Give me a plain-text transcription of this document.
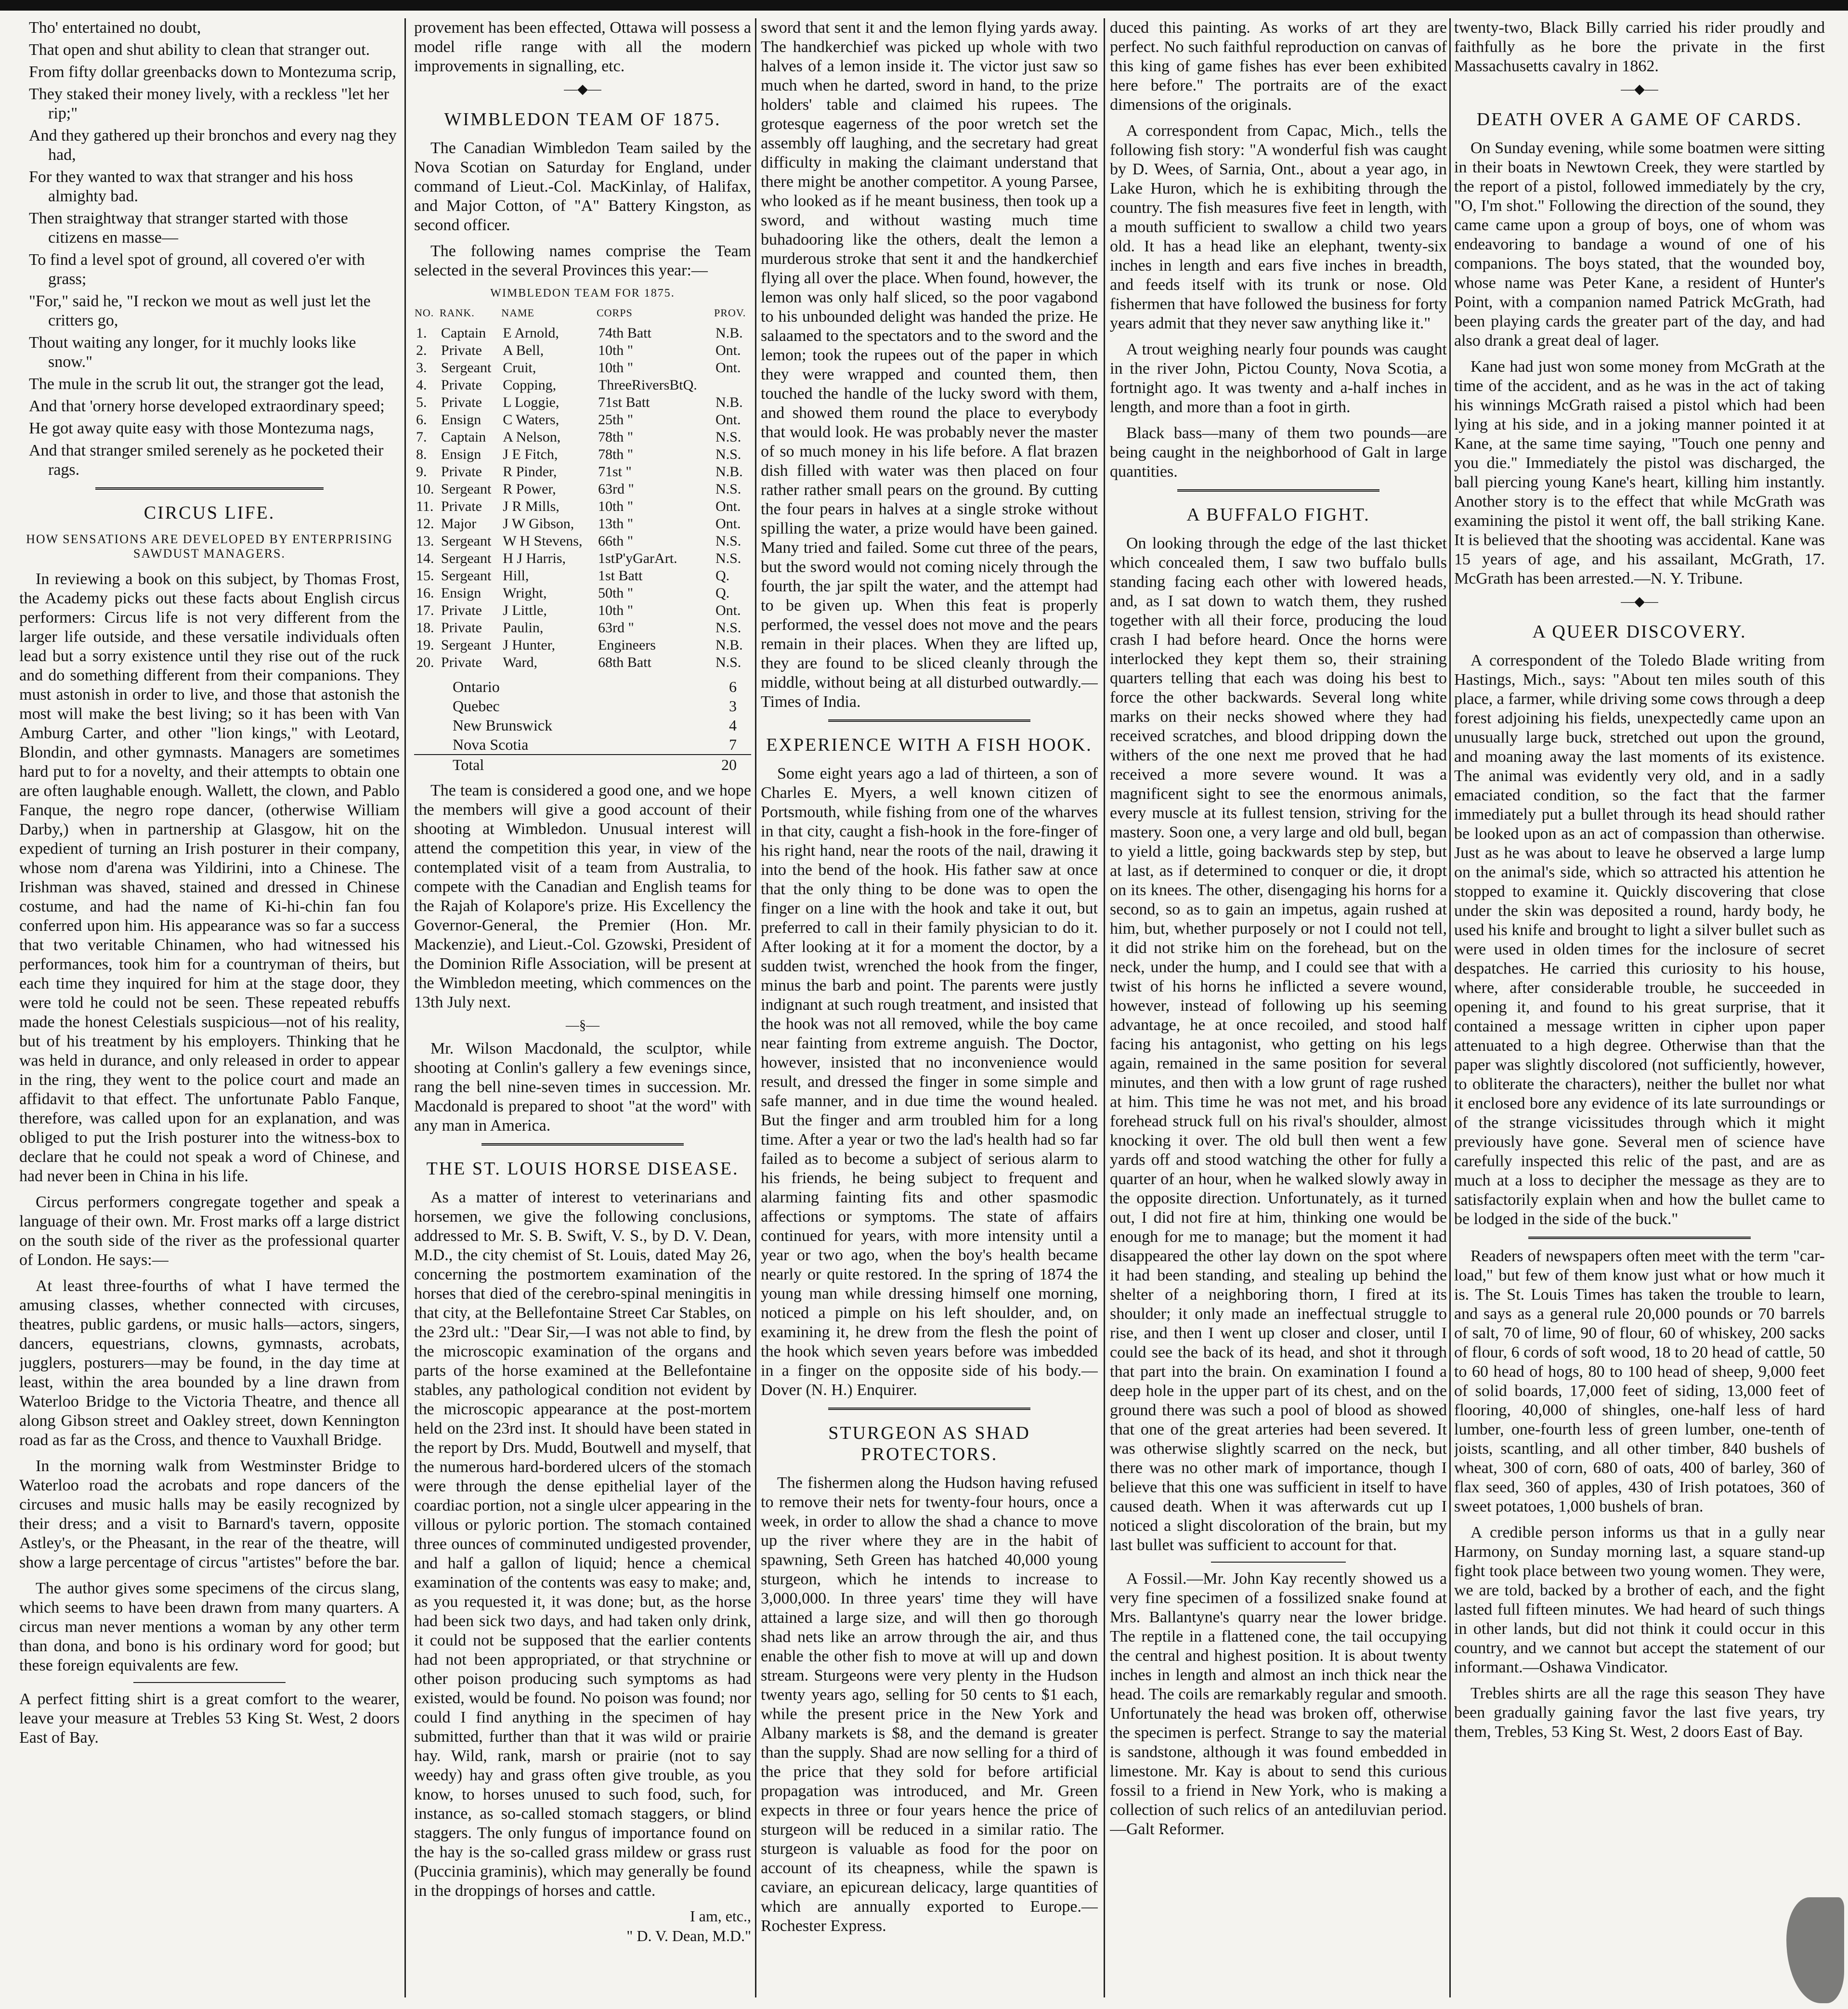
Tho' entertained no doubt,

That open and shut ability to clean that stranger out.

From fifty dollar greenbacks down to Montezuma scrip,

They staked their money lively, with a reckless "let her rip;"

And they gathered up their bronchos and every nag they had,

For they wanted to wax that stranger and his hoss almighty bad.

Then straightway that stranger started with those citizens en masse—

To find a level spot of ground, all covered o'er with grass;

"For," said he, "I reckon we mout as well just let the critters go,

Thout waiting any longer, for it muchly looks like snow."

The mule in the scrub lit out, the stranger got the lead,

And that 'ornery horse developed extraordinary speed;

He got away quite easy with those Montezuma nags,

And that stranger smiled serenely as he pocketed their rags.

CIRCUS LIFE.
HOW SENSATIONS ARE DEVELOPED BY ENTERPRISING SAWDUST MANAGERS.

In reviewing a book on this subject, by Thomas Frost, the Academy picks out these facts about English circus performers: Circus life is not very different from the larger life outside, and these versatile individuals often lead but a sorry existence until they rise out of the ruck and do something different from their companions. They must astonish in order to live, and those that astonish the most will make the best living; so it has been with Van Amburg Carter, and other "lion kings," with Leotard, Blondin, and other gymnasts. Managers are sometimes hard put to for a novelty, and their attempts to obtain one are often laughable enough. Wallett, the clown, and Pablo Fanque, the negro rope dancer, (otherwise William Darby,) when in partnership at Glasgow, hit on the expedient of turning an Irish posturer in their company, whose nom d'arena was Yildirini, into a Chinese. The Irishman was shaved, stained and dressed in Chinese costume, and had the name of Ki-hi-chin fan fou conferred upon him. His appearance was so far a success that two veritable Chinamen, who had witnessed his performances, took him for a countryman of theirs, but each time they inquired for him at the stage door, they were told he could not be seen. These repeated rebuffs made the honest Celestials suspicious—not of his reality, but of his treatment by his employers. Thinking that he was held in durance, and only released in order to appear in the ring, they went to the police court and made an affidavit to that effect. The unfortunate Pablo Fanque, therefore, was called upon for an explanation, and was obliged to put the Irish posturer into the witness-box to declare that he could not speak a word of Chinese, and had never been in China in his life.

Circus performers congregate together and speak a language of their own. Mr. Frost marks off a large district on the south side of the river as the professional quarter of London. He says:—

At least three-fourths of what I have termed the amusing classes, whether connected with circuses, theatres, public gardens, or music halls—actors, singers, dancers, equestrians, clowns, gymnasts, acrobats, jugglers, posturers—may be found, in the day time at least, within the area bounded by a line drawn from Waterloo Bridge to the Victoria Theatre, and thence all along Gibson street and Oakley street, down Kennington road as far as the Cross, and thence to Vauxhall Bridge.

In the morning walk from Westminster Bridge to Waterloo road the acrobats and rope dancers of the circuses and music halls may be easily recognized by their dress; and a visit to Barnard's tavern, opposite Astley's, or the Pheasant, in the rear of the theatre, will show a large percentage of circus "artistes" before the bar.

The author gives some specimens of the circus slang, which seems to have been drawn from many quarters. A circus man never mentions a woman by any other term than dona, and bono is his ordinary word for good; but these foreign equivalents are few.

A perfect fitting shirt is a great comfort to the wearer, leave your measure at Trebles 53 King St. West, 2 doors East of Bay.

provement has been effected, Ottawa will possess a model rifle range with all the modern improvements in signalling, etc.

—◆—
WIMBLEDON TEAM OF 1875.

The Canadian Wimbledon Team sailed by the Nova Scotian on Saturday for England, under command of Lieut.-Col. MacKinlay, of Halifax, and Major Cotton, of "A" Battery Kingston, as second officer.

The following names comprise the Team selected in the several Provinces this year:—

WIMBLEDON TEAM FOR 1875.
NO.	RANK.	NAME	CORPS	PROV.
1.	Captain	E Arnold,	74th Batt	N.B.
2.	Private	A Bell,	10th "	Ont.
3.	Sergeant	Cruit,	10th "	Ont.
4.	Private	Copping,	ThreeRiversBtQ.	
5.	Private	L Loggie,	71st Batt	N.B.
6.	Ensign	C Waters,	25th "	Ont.
7.	Captain	A Nelson,	78th "	N.S.
8.	Ensign	J E Fitch,	78th "	N.S.
9.	Private	R Pinder,	71st "	N.B.
10.	Sergeant	R Power,	63rd "	N.S.
11.	Private	J R Mills,	10th "	Ont.
12.	Major	J W Gibson,	13th "	Ont.
13.	Sergeant	W H Stevens,	66th "	N.S.
14.	Sergeant	H J Harris,	1stP'yGarArt.	N.S.
15.	Sergeant	Hill,	1st Batt	Q.
16.	Ensign	Wright,	50th "	Q.
17.	Private	J Little,	10th "	Ont.
18.	Private	Paulin,	63rd "	N.S.
19.	Sergeant	J Hunter,	Engineers	N.B.
20.	Private	Ward,	68th Batt	N.S.
Ontario	6
Quebec	3
New Brunswick	4
Nova Scotia	7
Total	20

The team is considered a good one, and we hope the members will give a good account of their shooting at Wimbledon. Unusual interest will attend the competition this year, in view of the contemplated visit of a team from Australia, to compete with the Canadian and English teams for the Rajah of Kolapore's prize. His Excellency the Governor-General, the Premier (Hon. Mr. Mackenzie), and Lieut.-Col. Gzowski, President of the Dominion Rifle Association, will be present at the Wimbledon meeting, which commences on the 13th July next.

—§—

Mr. Wilson Macdonald, the sculptor, while shooting at Conlin's gallery a few evenings since, rang the bell nine-seven times in succession. Mr. Macdonald is prepared to shoot "at the word" with any man in America.

THE ST. LOUIS HORSE DISEASE.

As a matter of interest to veterinarians and horsemen, we give the following conclusions, addressed to Mr. S. B. Swift, V. S., by D. V. Dean, M.D., the city chemist of St. Louis, dated May 26, concerning the postmortem examination of the horses that died of the cerebro-spinal meningitis in that city, at the Bellefontaine Street Car Stables, on the 23rd ult.: "Dear Sir,—I was not able to find, by the microscopic examination of the organs and parts of the horse examined at the Bellefontaine stables, any pathological condition not evident by the microscopic appearance at the post-mortem held on the 23rd inst. It should have been stated in the report by Drs. Mudd, Boutwell and myself, that the numerous hard-bordered ulcers of the stomach were through the dense epithelial layer of the coardiac portion, not a single ulcer appearing in the villous or pyloric portion. The stomach contained three ounces of comminuted undigested provender, and half a gallon of liquid; hence a chemical examination of the contents was easy to make; and, as you requested it, it was done; but, as the horse had been sick two days, and had taken only drink, it could not be supposed that the earlier contents had not been appropriated, or that strychnine or other poison producing such symptoms as had existed, would be found. No poison was found; nor could I find anything in the specimen of hay submitted, further than that it was wild or prairie hay. Wild, rank, marsh or prairie (not to say weedy) hay and grass often give trouble, as you know, to horses unused to such food, such, for instance, as so-called stomach staggers, or blind staggers. The only fungus of importance found on the hay is the so-called grass mildew or grass rust (Puccinia graminis), which may generally be found in the droppings of horses and cattle.

I am, etc.,
" D. V. Dean, M.D."

sword that sent it and the lemon flying yards away. The handkerchief was picked up whole with two halves of a lemon inside it. The victor just saw so much when he darted, sword in hand, to the prize holders' table and claimed his rupees. The grotesque eagerness of the poor wretch set the assembly off laughing, and the secretary had great difficulty in making the claimant understand that there might be another competitor. A young Parsee, who looked as if he meant business, then took up a sword, and without wasting much time buhadooring like the others, dealt the lemon a murderous stroke that sent it and the handkerchief flying all over the place. When found, however, the lemon was only half sliced, so the poor vagabond to his unbounded delight was handed the prize. He salaamed to the spectators and to the sword and the lemon; took the rupees out of the paper in which they were wrapped and counted them, then touched the handle of the lucky sword with them, and showed them round the place to everybody that would look. He was probably never the master of so much money in his life before. A flat brazen dish filled with water was then placed on four rather rather small pears on the ground. By cutting the four pears in halves at a single stroke without spilling the water, a prize would have been gained. Many tried and failed. Some cut three of the pears, but the sword would not coming nicely through the fourth, the jar spilt the water, and the attempt had to be given up. When this feat is properly performed, the vessel does not move and the pears remain in their places. When they are lifted up, they are found to be sliced cleanly through the middle, without being at all disturbed outwardly.—Times of India.

EXPERIENCE WITH A FISH HOOK.

Some eight years ago a lad of thirteen, a son of Charles E. Myers, a well known citizen of Portsmouth, while fishing from one of the wharves in that city, caught a fish-hook in the fore-finger of his right hand, near the roots of the nail, drawing it into the bend of the hook. His father saw at once that the only thing to be done was to open the finger on a line with the hook and take it out, but preferred to call in their family physician to do it. After looking at it for a moment the doctor, by a sudden twist, wrenched the hook from the finger, minus the barb and point. The parents were justly indignant at such rough treatment, and insisted that the hook was not all removed, while the boy came near fainting from extreme anguish. The Doctor, however, insisted that no inconvenience would result, and dressed the finger in some simple and safe manner, and in due time the wound healed. But the finger and arm troubled him for a long time. After a year or two the lad's health had so far failed as to become a subject of serious alarm to his friends, he being subject to frequent and alarming fainting fits and other spasmodic affections or symptoms. The state of affairs continued for years, with more intensity until a year or two ago, when the boy's health became nearly or quite restored. In the spring of 1874 the young man while dressing himself one morning, noticed a pimple on his left shoulder, and, on examining it, he drew from the flesh the point of the hook which seven years before was imbedded in a finger on the opposite side of his body.—Dover (N. H.) Enquirer.

STURGEON AS SHAD PROTECTORS.

The fishermen along the Hudson having refused to remove their nets for twenty-four hours, once a week, in order to allow the shad a chance to move up the river where they are in the habit of spawning, Seth Green has hatched 40,000 young sturgeon, which he intends to increase to 3,000,000. In three years' time they will have attained a large size, and will then go thorough shad nets like an arrow through the air, and thus enable the other fish to move at will up and down stream. Sturgeons were very plenty in the Hudson twenty years ago, selling for 50 cents to $1 each, while the present price in the New York and Albany markets is $8, and the demand is greater than the supply. Shad are now selling for a third of the price that they sold for before artificial propagation was introduced, and Mr. Green expects in three or four years hence the price of sturgeon will be reduced in a similar ratio. The sturgeon is valuable as food for the poor on account of its cheapness, while the spawn is caviare, an epicurean delicacy, large quantities of which are annually exported to Europe.—Rochester Express.

duced this painting. As works of art they are perfect. No such faithful reproduction on canvas of this king of game fishes has ever been exhibited here before." The portraits are of the exact dimensions of the originals.

A correspondent from Capac, Mich., tells the following fish story: "A wonderful fish was caught by D. Wees, of Sarnia, Ont., about a year ago, in Lake Huron, which he is exhibiting through the country. The fish measures five feet in length, with a mouth sufficient to swallow a child two years old. It has a head like an elephant, twenty-six inches in length and ears five inches in breadth, and feeds itself with its trunk or nose. Old fishermen that have followed the business for forty years admit that they never saw anything like it."

A trout weighing nearly four pounds was caught in the river John, Pictou County, Nova Scotia, a fortnight ago. It was twenty and a-half inches in length, and more than a foot in girth.

Black bass—many of them two pounds—are being caught in the neighborhood of Galt in large quantities.

A BUFFALO FIGHT.

On looking through the edge of the last thicket which concealed them, I saw two buffalo bulls standing facing each other with lowered heads, and, as I sat down to watch them, they rushed together with all their force, producing the loud crash I had before heard. Once the horns were interlocked they kept them so, their straining quarters telling that each was doing his best to force the other backwards. Several long white marks on their necks showed where they had received scratches, and blood dripping down the withers of the one next me proved that he had received a more severe wound. It was a magnificent sight to see the enormous animals, every muscle at its fullest tension, striving for the mastery. Soon one, a very large and old bull, began to yield a little, going backwards step by step, but at last, as if determined to conquer or die, it dropt on its knees. The other, disengaging his horns for a second, so as to gain an impetus, again rushed at him, but, whether purposely or not I could not tell, it did not strike him on the forehead, but on the neck, under the hump, and I could see that with a twist of his horns he inflicted a severe wound, however, instead of following up his seeming advantage, he at once recoiled, and stood half facing his antagonist, who getting on his legs again, remained in the same position for several minutes, and then with a low grunt of rage rushed at him. This time he was not met, and his broad forehead struck full on his rival's shoulder, almost knocking it over. The old bull then went a few yards off and stood watching the other for fully a quarter of an hour, when he walked slowly away in the opposite direction. Unfortunately, as it turned out, I did not fire at him, thinking one would be enough for me to manage; but the moment it had disappeared the other lay down on the spot where it had been standing, and stealing up behind the shelter of a neighboring thorn, I fired at its shoulder; it only made an ineffectual struggle to rise, and then I went up closer and closer, until I could see the back of its head, and shot it through that part into the brain. On examination I found a deep hole in the upper part of its chest, and on the ground there was such a pool of blood as showed that one of the great arteries had been severed. It was otherwise slightly scarred on the neck, but there was no other mark of importance, though I believe that this one was sufficient in itself to have caused death. When it was afterwards cut up I noticed a slight discoloration of the brain, but my last bullet was sufficient to account for that.

A Fossil.—Mr. John Kay recently showed us a very fine specimen of a fossilized snake found at Mrs. Ballantyne's quarry near the lower bridge. The reptile in a flattened cone, the tail occupying the central and highest position. It is about twenty inches in length and almost an inch thick near the head. The coils are remarkably regular and smooth. Unfortunately the head was broken off, otherwise the specimen is perfect. Strange to say the material is sandstone, although it was found embedded in limestone. Mr. Kay is about to send this curious fossil to a friend in New York, who is making a collection of such relics of an antediluvian period.—Galt Reformer.

twenty-two, Black Billy carried his rider proudly and faithfully as he bore the private in the first Massachusetts cavalry in 1862.

—◆—
DEATH OVER A GAME OF CARDS.

On Sunday evening, while some boatmen were sitting in their boats in Newtown Creek, they were startled by the report of a pistol, followed immediately by the cry, "O, I'm shot." Following the direction of the sound, they came came upon a group of boys, one of whom was endeavoring to bandage a wound of one of his companions. The boys stated, that the wounded boy, whose name was Peter Kane, a resident of Hunter's Point, with a companion named Patrick McGrath, had been playing cards the greater part of the day, and had also drank a great deal of lager.

Kane had just won some money from McGrath at the time of the accident, and as he was in the act of taking his winnings McGrath raised a pistol which had been lying at his side, and in a joking manner pointed it at Kane, at the same time saying, "Touch one penny and you die." Immediately the pistol was discharged, the ball piercing young Kane's heart, killing him instantly. Another story is to the effect that while McGrath was examining the pistol it went off, the ball striking Kane. It is believed that the shooting was accidental. Kane was 15 years of age, and his assailant, McGrath, 17. McGrath has been arrested.—N. Y. Tribune.

—◆—
A QUEER DISCOVERY.

A correspondent of the Toledo Blade writing from Hastings, Mich., says: "About ten miles south of this place, a farmer, while driving some cows through a deep forest adjoining his fields, unexpectedly came upon an unusually large buck, stretched out upon the ground, and moaning away the last moments of its existence. The animal was evidently very old, and in a sadly emaciated condition, so the fact that the farmer immediately put a bullet through its head should rather be looked upon as an act of compassion than otherwise. Just as he was about to leave he observed a large lump on the animal's side, which so attracted his attention he stopped to examine it. Quickly discovering that close under the skin was deposited a round, hardy body, he used his knife and brought to light a silver bullet such as were used in olden times for the inclosure of secret despatches. He carried this curiosity to his house, where, after considerable trouble, he succeeded in opening it, and found to his great surprise, that it contained a message written in cipher upon paper attenuated to a high degree. Otherwise than that the paper was slightly discolored (not sufficiently, however, to obliterate the characters), neither the bullet nor what it enclosed bore any evidence of its late surroundings or of the strange vicissitudes through which it might previously have gone. Several men of science have carefully inspected this relic of the past, and are as much at a loss to decipher the message as they are to satisfactorily explain when and how the bullet came to be lodged in the side of the buck."

Readers of newspapers often meet with the term "car-load," but few of them know just what or how much it is. The St. Louis Times has taken the trouble to learn, and says as a general rule 20,000 pounds or 70 barrels of salt, 70 of lime, 90 of flour, 60 of whiskey, 200 sacks of flour, 6 cords of soft wood, 18 to 20 head of cattle, 50 to 60 head of hogs, 80 to 100 head of sheep, 9,000 feet of solid boards, 17,000 feet of siding, 13,000 feet of flooring, 40,000 of shingles, one-half less of hard lumber, one-fourth less of green lumber, one-tenth of joists, scantling, and all other timber, 840 bushels of wheat, 300 of corn, 680 of oats, 400 of barley, 360 of flax seed, 360 of apples, 430 of Irish potatoes, 360 of sweet potatoes, 1,000 bushels of bran.

A credible person informs us that in a gully near Harmony, on Sunday morning last, a square stand-up fight took place between two young women. They were, we are told, backed by a brother of each, and the fight lasted full fifteen minutes. We had heard of such things in other lands, but did not think it could occur in this country, and we cannot but accept the statement of our informant.—Oshawa Vindicator.

Trebles shirts are all the rage this season They have been gradually gaining favor the last five years, try them, Trebles, 53 King St. West, 2 doors East of Bay.
